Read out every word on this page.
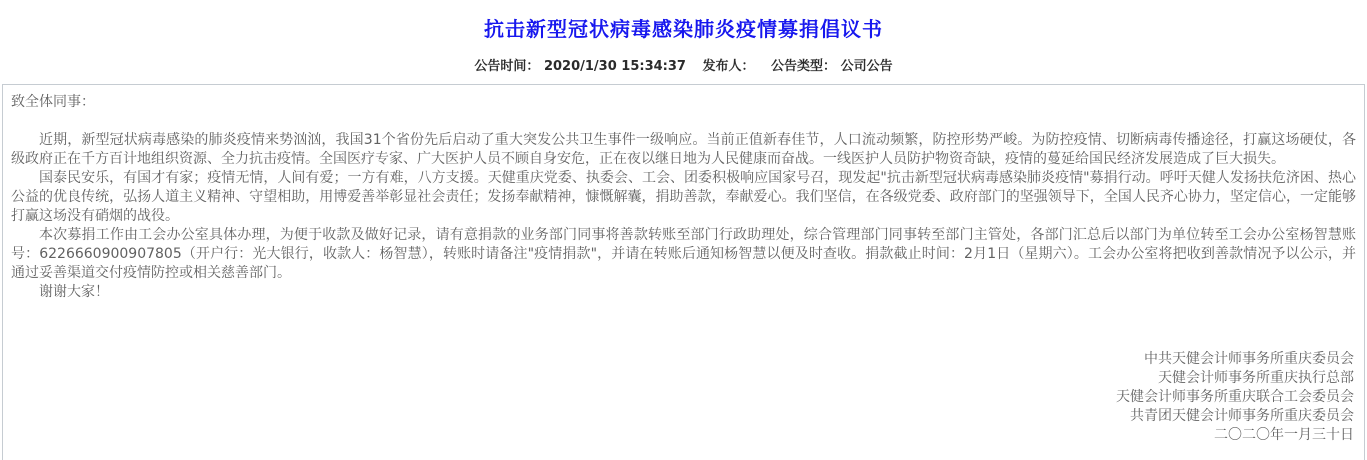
抗击新型冠状病毒感染肺炎疫情募捐倡议书
公告时间： 2020/1/30 15:34:37 发布人： 公告类型： 公司公告

致全体同事：

近期，新型冠状病毒感染的肺炎疫情来势汹汹，我国31个省份先后启动了重大突发公共卫生事件一级响应。当前正值新春佳节，人口流动频繁，防控形势严峻。为防控疫情、切断病毒传播途径，打赢这场硬仗，各级政府正在千方百计地组织资源、全力抗击疫情。全国医疗专家、广大医护人员不顾自身安危，正在夜以继日地为人民健康而奋战。一线医护人员防护物资奇缺，疫情的蔓延给国民经济发展造成了巨大损失。

国泰民安乐，有国才有家；疫情无情，人间有爱；一方有难，八方支援。天健重庆党委、执委会、工会、团委积极响应国家号召，现发起"抗击新型冠状病毒感染肺炎疫情"募捐行动。呼吁天健人发扬扶危济困、热心公益的优良传统，弘扬人道主义精神、守望相助，用博爱善举彰显社会责任；发扬奉献精神，慷慨解囊，捐助善款，奉献爱心。我们坚信，在各级党委、政府部门的坚强领导下，全国人民齐心协力，坚定信心，一定能够打赢这场没有硝烟的战役。

本次募捐工作由工会办公室具体办理，为便于收款及做好记录，请有意捐款的业务部门同事将善款转账至部门行政助理处，综合管理部门同事转至部门主管处，各部门汇总后以部门为单位转至工会办公室杨智慧账号：6226660900907805（开户行：光大银行，收款人：杨智慧），转账时请备注"疫情捐款"，并请在转账后通知杨智慧以便及时查收。捐款截止时间：2月1日（星期六）。工会办公室将把收到善款情况予以公示，并通过妥善渠道交付疫情防控或相关慈善部门。

谢谢大家！

中共天健会计师事务所重庆委员会
天健会计师事务所重庆执行总部
天健会计师事务所重庆联合工会委员会
共青团天健会计师事务所重庆委员会
二〇二〇年一月三十日
